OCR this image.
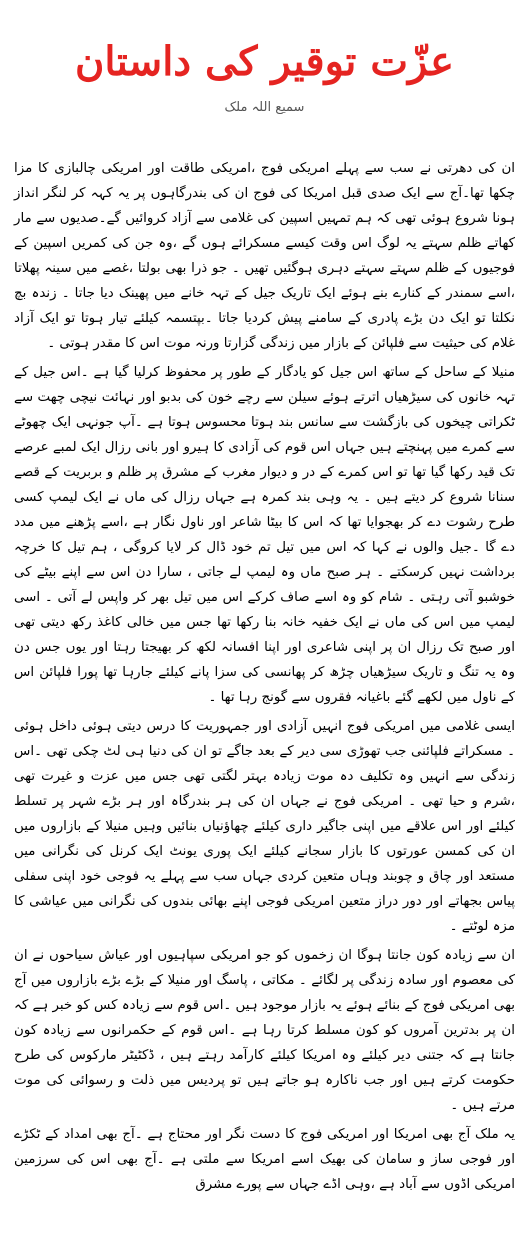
عزّت توقیر کی داستان
سمیع اللہ ملک

ان کی دھرتی نے سب سے پہلے امریکی فوج ،امریکی طاقت اور امریکی چالبازی کا مزا چکھا تھا۔آج سے ایک صدی قبل امریکا کی فوج ان کی بندرگاہوں پر یہ کہہ کر لنگر انداز ہونا شروع ہوئی تھی کہ ہم تمہیں اسپین کی غلامی سے آزاد کروائیں گے۔صدیوں سے مار کھاتے ظلم سہتے یہ لوگ اس وقت کیسے مسکرائے ہوں گے ،وہ جن کی کمریں اسپین کے فوجیوں کے ظلم سہتے سہتے دہری ہوگئیں تھیں ۔ جو ذرا بھی بولتا ،غصے میں سینہ پھلاتا ،اسے سمندر کے کنارے بنے ہوئے ایک تاریک جیل کے تہہ خانے میں پھینک دیا جاتا ۔ زندہ بچ نکلتا تو ایک دن بڑے پادری کے سامنے پیش کردیا جاتا ۔بپتسمہ کیلئے تیار ہوتا تو ایک آزاد غلام کی حیثیت سے فلپائن کے بازار میں زندگی گزارتا ورنہ موت اس کا مقدر ہوتی ۔

منیلا کے ساحل کے ساتھ اس جیل کو یادگار کے طور پر محفوظ کرلیا گیا ہے ۔اس جیل کے تہہ خانوں کی سیڑھیاں اترتے ہوئے سیلن سے رچے خون کی بدبو اور نہائت نیچی چھت سے ٹکراتی چیخوں کی بازگشت سے سانس بند ہوتا محسوس ہوتا ہے ۔آپ جونہی ایک چھوٹے سے کمرے میں پہنچتے ہیں جہاں اس قوم کی آزادی کا ہیرو اور بانی رزال ایک لمبے عرصے تک قید رکھا گیا تھا تو اس کمرے کے در و دیوار مغرب کے مشرق پر ظلم و بربریت کے قصے سنانا شروع کر دیتے ہیں ۔ یہ وہی بند کمرہ ہے جہاں رزال کی ماں نے ایک لیمپ کسی طرح رشوت دے کر بھجوایا تھا کہ اس کا بیٹا شاعر اور ناول نگار ہے ،اسے پڑھنے میں مدد دے گا ۔جیل والوں نے کہا کہ اس میں تیل تم خود ڈال کر لایا کروگی ، ہم تیل کا خرچہ برداشت نہیں کرسکتے ۔ ہر صبح ماں وہ لیمپ لے جاتی ، سارا دن اس سے اپنے بیٹے کی خوشبو آتی رہتی ۔ شام کو وہ اسے صاف کرکے اس میں تیل بھر کر واپس لے آتی ۔ اسی لیمپ میں اس کی ماں نے ایک خفیہ خانہ بنا رکھا تھا جس میں خالی کاغذ رکھ دیتی تھی اور صبح تک رزال ان پر اپنی شاعری اور اپنا افسانہ لکھ کر بھیجتا رہتا اور یوں جس دن وہ یہ تنگ و تاریک سیڑھیاں چڑھ کر پھانسی کی سزا پانے کیلئے جارہا تھا پورا فلپائن اس کے ناول میں لکھے گئے باغیانہ فقروں سے گونج رہا تھا ۔

ایسی غلامی میں امریکی فوج انہیں آزادی اور جمہوریت کا درس دیتی ہوئی داخل ہوئی ۔ مسکراتے فلپائنی جب تھوڑی سی دیر کے بعد جاگے تو ان کی دنیا ہی لٹ چکی تھی ۔اس زندگی سے انہیں وہ تکلیف دہ موت زیادہ بہتر لگتی تھی جس میں عزت و غیرت تھی ،شرم و حیا تھی ۔ امریکی فوج نے جہاں ان کی ہر بندرگاہ اور ہر بڑے شہر پر تسلط کیلئے اور اس علاقے میں اپنی جاگیر داری کیلئے چھاؤنیاں بنائیں وہیں منیلا کے بازاروں میں ان کی کمسن عورتوں کا بازار سجانے کیلئے ایک پوری یونٹ ایک کرنل کی نگرانی میں مستعد اور چاق و چوبند وہاں متعین کردی جہاں سب سے پہلے یہ فوجی خود اپنی سفلی پیاس بجھاتے اور دور دراز متعین امریکی فوجی اپنے بھائی بندوں کی نگرانی میں عیاشی کا مزہ لوٹتے ۔

ان سے زیادہ کون جانتا ہوگا ان زخموں کو جو امریکی سپاہیوں اور عیاش سیاحوں نے ان کی معصوم اور سادہ زندگی پر لگائے ۔ مکاتی ، پاسگ اور منیلا کے بڑے بڑے بازاروں میں آج بھی امریکی فوج کے بنائے ہوئے یہ بازار موجود ہیں ۔اس قوم سے زیادہ کس کو خبر ہے کہ ان پر بدترین آمروں کو کون مسلط کرتا رہا ہے ۔اس قوم کے حکمرانوں سے زیادہ کون جانتا ہے کہ جتنی دیر کیلئے وہ امریکا کیلئے کارآمد رہتے ہیں ، ڈکٹیٹر مارکوس کی طرح حکومت کرتے ہیں اور جب ناکارہ ہو جاتے ہیں تو پردیس میں ذلت و رسوائی کی موت مرتے ہیں ۔

یہ ملک آج بھی امریکا اور امریکی فوج کا دست نگر اور محتاج ہے ۔آج بھی امداد کے ٹکڑے اور فوجی ساز و سامان کی بھیک اسے امریکا سے ملتی ہے ۔آج بھی اس کی سرزمین امریکی اڈوں سے آباد ہے ،وہی اڈے جہاں سے پورے مشرق
